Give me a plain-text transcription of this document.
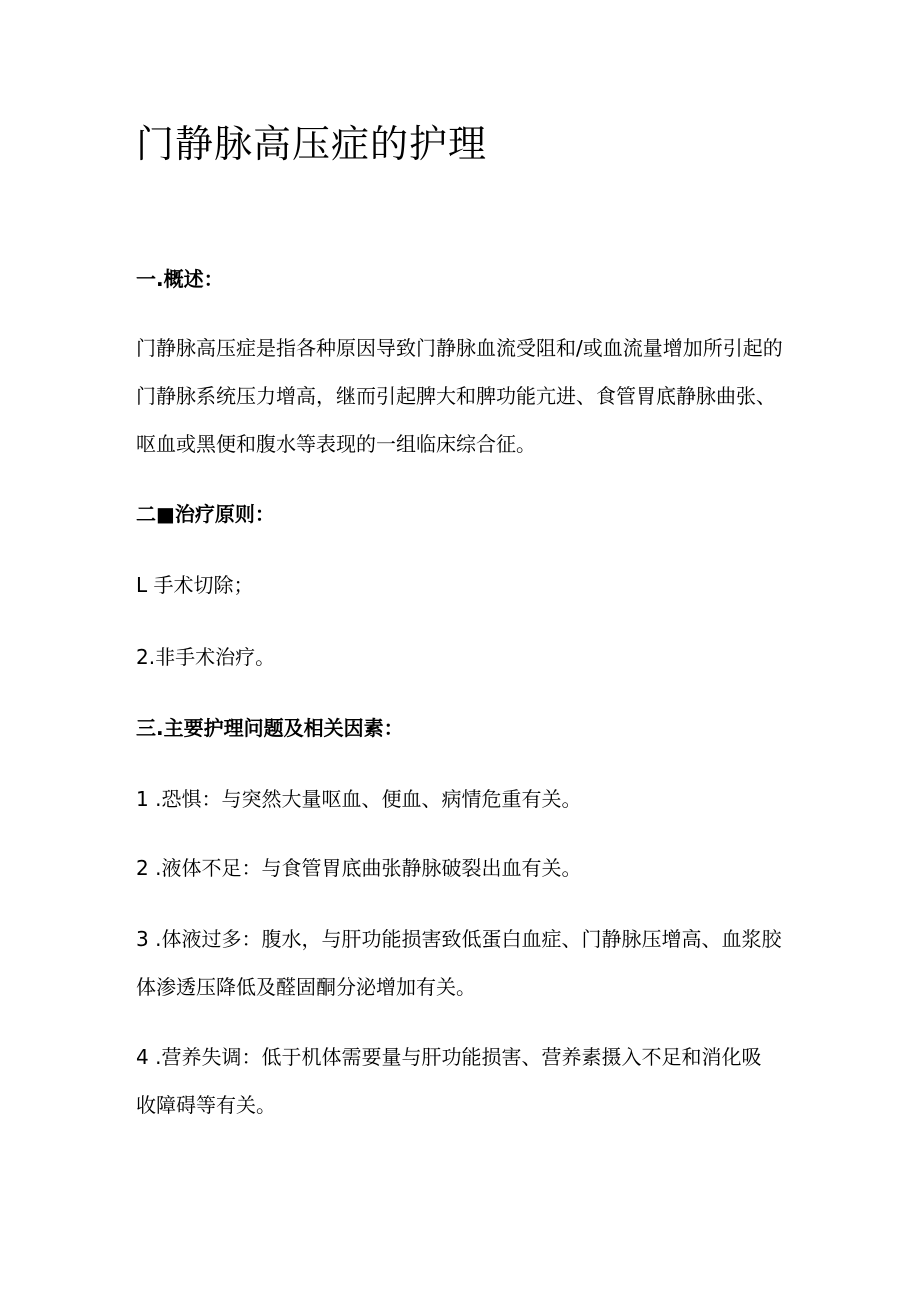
门静脉高压症的护理

一.概述：

门静脉高压症是指各种原因导致门静脉血流受阻和/或血流量增加所引起的
门静脉系统压力增高，继而引起脾大和脾功能亢进、食管胃底静脉曲张、
呕血或黑便和腹水等表现的一组临床综合征。

二■治疗原则：

L 手术切除；

2.非手术治疗。

三.主要护理问题及相关因素：

1 .恐惧：与突然大量呕血、便血、病情危重有关。

2 .液体不足：与食管胃底曲张静脉破裂出血有关。

3 .体液过多：腹水，与肝功能损害致低蛋白血症、门静脉压增高、血浆胶
体渗透压降低及醛固酮分泌增加有关。
4 .营养失调：低于机体需要量与肝功能损害、营养素摄入不足和消化吸
收障碍等有关。
